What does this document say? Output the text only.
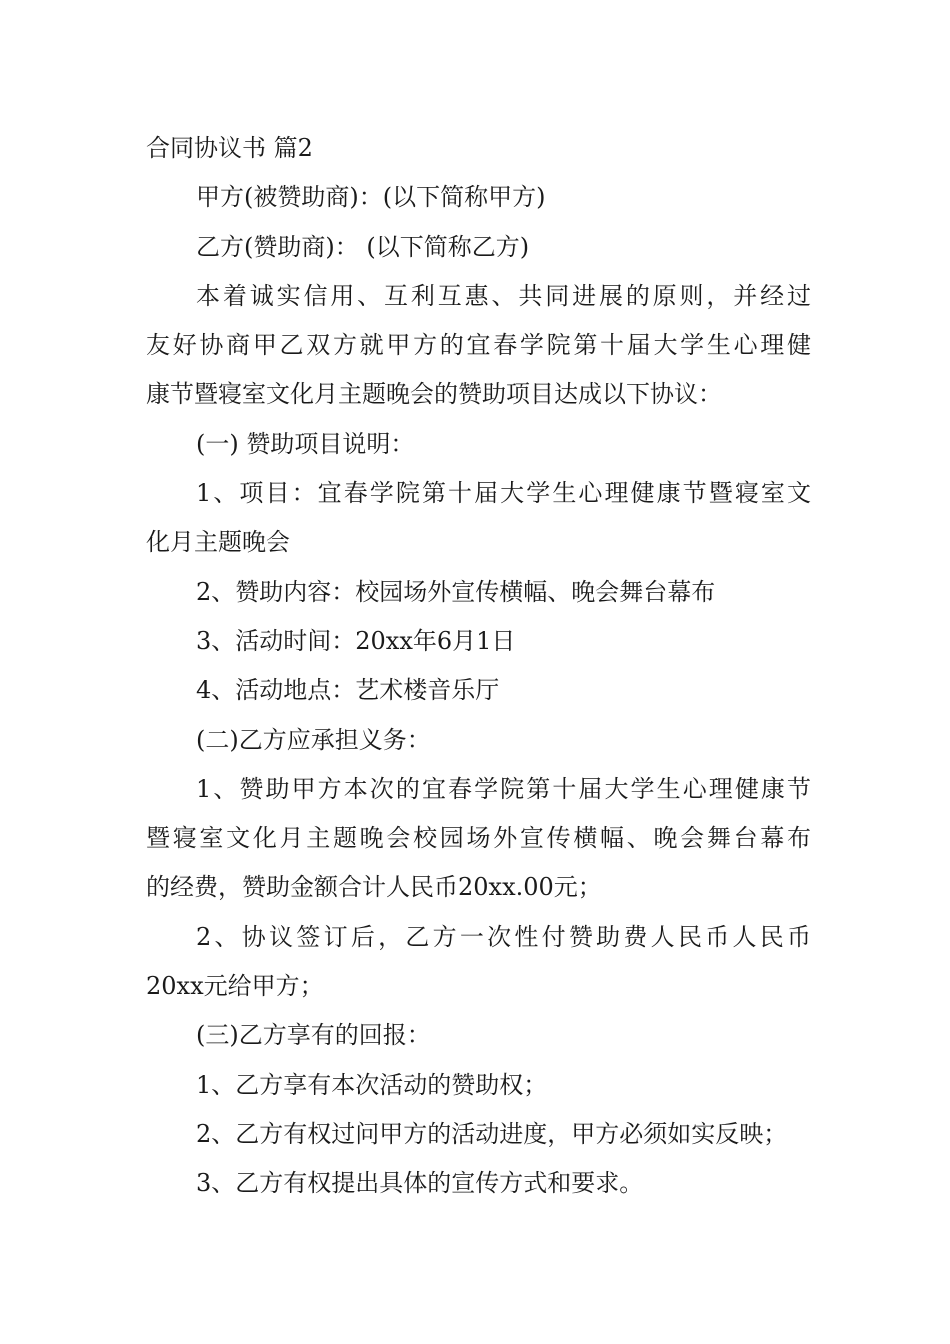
合同协议书 篇2
甲方(被赞助商)：(以下简称甲方)
乙方(赞助商)： (以下简称乙方)
本着诚实信用、互利互惠、共同进展的原则，并经过
友好协商甲乙双方就甲方的宜春学院第十届大学生心理健
康节暨寝室文化月主题晚会的赞助项目达成以下协议：
(一) 赞助项目说明：
1、项目：宜春学院第十届大学生心理健康节暨寝室文
化月主题晚会
2、赞助内容：校园场外宣传横幅、晚会舞台幕布
3、活动时间：20xx年6月1日
4、活动地点：艺术楼音乐厅
(二)乙方应承担义务：
1、赞助甲方本次的宜春学院第十届大学生心理健康节
暨寝室文化月主题晚会校园场外宣传横幅、晚会舞台幕布
的经费，赞助金额合计人民币20xx.00元；
2、协议签订后，乙方一次性付赞助费人民币人民币
20xx元给甲方；
(三)乙方享有的回报：
1、乙方享有本次活动的赞助权；
2、乙方有权过问甲方的活动进度，甲方必须如实反映；
3、乙方有权提出具体的宣传方式和要求。
